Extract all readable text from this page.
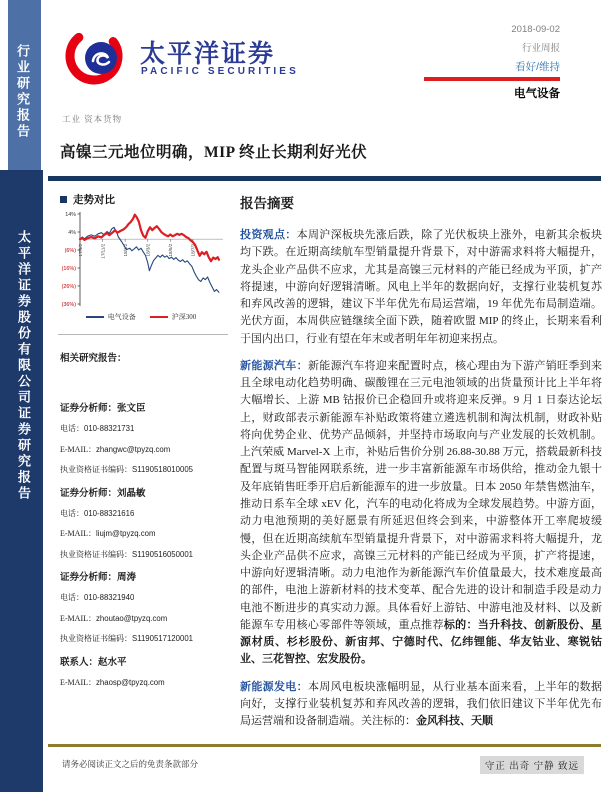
行业研究报告
太平洋证券股份有限公司证券研究报告
太平洋证券
PACIFIC SECURITIES
2018-09-02
行业周报
看好/维持
电气设备
工业 资本货物
高镍三元地位明确，MIP 终止长期利好光伏
走势对比
14%
4%
(6%)
(16%)
(26%)
(36%)
17/9/2	17/11/2	18/1/2	18/3/2	18/5/2	18/7/2
电气设备	沪深300
相关研究报告：
证券分析师：张文臣
电话：010-88321731
E-MAIL：zhangwc@tpyzq.com
执业资格证书编码：S1190518010005
证券分析师：刘晶敏
电话：010-88321616
E-MAIL：liujm@tpyzq.com
执业资格证书编码：S1190516050001
证券分析师：周涛
电话：010-88321940
E-MAIL：zhoutao@tpyzq.com
执业资格证书编码：S1190517120001
联系人：赵水平
E-MAIL：zhaosp@tpyzq.com
报告摘要

投资观点：本周沪深板块先涨后跌，除了光伏板块上涨外，电新其余板块均下跌。在近期高续航车型销量提升背景下，对中游需求料将大幅提升，龙头企业产品供不应求，尤其是高镍三元材料的产能已经成为平顶，扩产将提速，中游向好逻辑清晰。风电上半年的数据向好，支撑行业装机复苏和弃风改善的逻辑，建议下半年优先布局运营端，19 年优先布局制造端。光伏方面，本周供应链继续全面下跌，随着欧盟 MIP 的终止，长期来看利于国内出口，行业有望在年末或者明年年初迎来拐点。

新能源汽车：新能源汽车将迎来配置时点，核心理由为下游产销旺季到来且全球电动化趋势明确、碳酸锂在三元电池领域的出货量预计比上半年将大幅增长、上游 MB 钴报价已企稳回升或将迎来反弹。9 月 1 日泰达论坛上，财政部表示新能源车补贴政策将建立遴选机制和淘汰机制，财政补贴将向优势企业、优势产品倾斜，并坚持市场取向与产业发展的长效机制。上汽荣威 Marvel-X 上市，补贴后售价分别 26.88-30.88 万元，搭载最新科技配置与斑马智能网联系统，进一步丰富新能源车市场供给，推动金九银十及年底销售旺季开启后新能源车的进一步放量。日本 2050 年禁售燃油车，推动日系车全球 xEV 化，汽车的电动化将成为全球发展趋势。中游方面，动力电池预期的美好愿景有所延迟但终会到来，中游整体开工率爬坡缓慢，但在近期高续航车型销量提升背景下，对中游需求料将大幅提升，龙头企业产品供不应求，高镍三元材料的产能已经成为平顶，扩产将提速，中游向好逻辑清晰。动力电池作为新能源汽车价值量最大，技术难度最高的部件，电池上游新材料的技术变革、配合先进的设计和制造手段是动力电池不断进步的真实动力源。具体看好上游钴、中游电池及材料、以及新能源车专用核心零部件等领域，重点推荐标的：当升科技、创新股份、星源材质、杉杉股份、新宙邦、宁德时代、亿纬锂能、华友钴业、寒锐钴业、三花智控、宏发股份。

新能源发电：本周风电板块涨幅明显，从行业基本面来看，上半年的数据向好，支撑行业装机复苏和弃风改善的逻辑，我们依旧建议下半年优先布局运营端和设备制造端。关注标的：金风科技、天顺

请务必阅读正文之后的免责条款部分	守正 出奇 宁静 致远
